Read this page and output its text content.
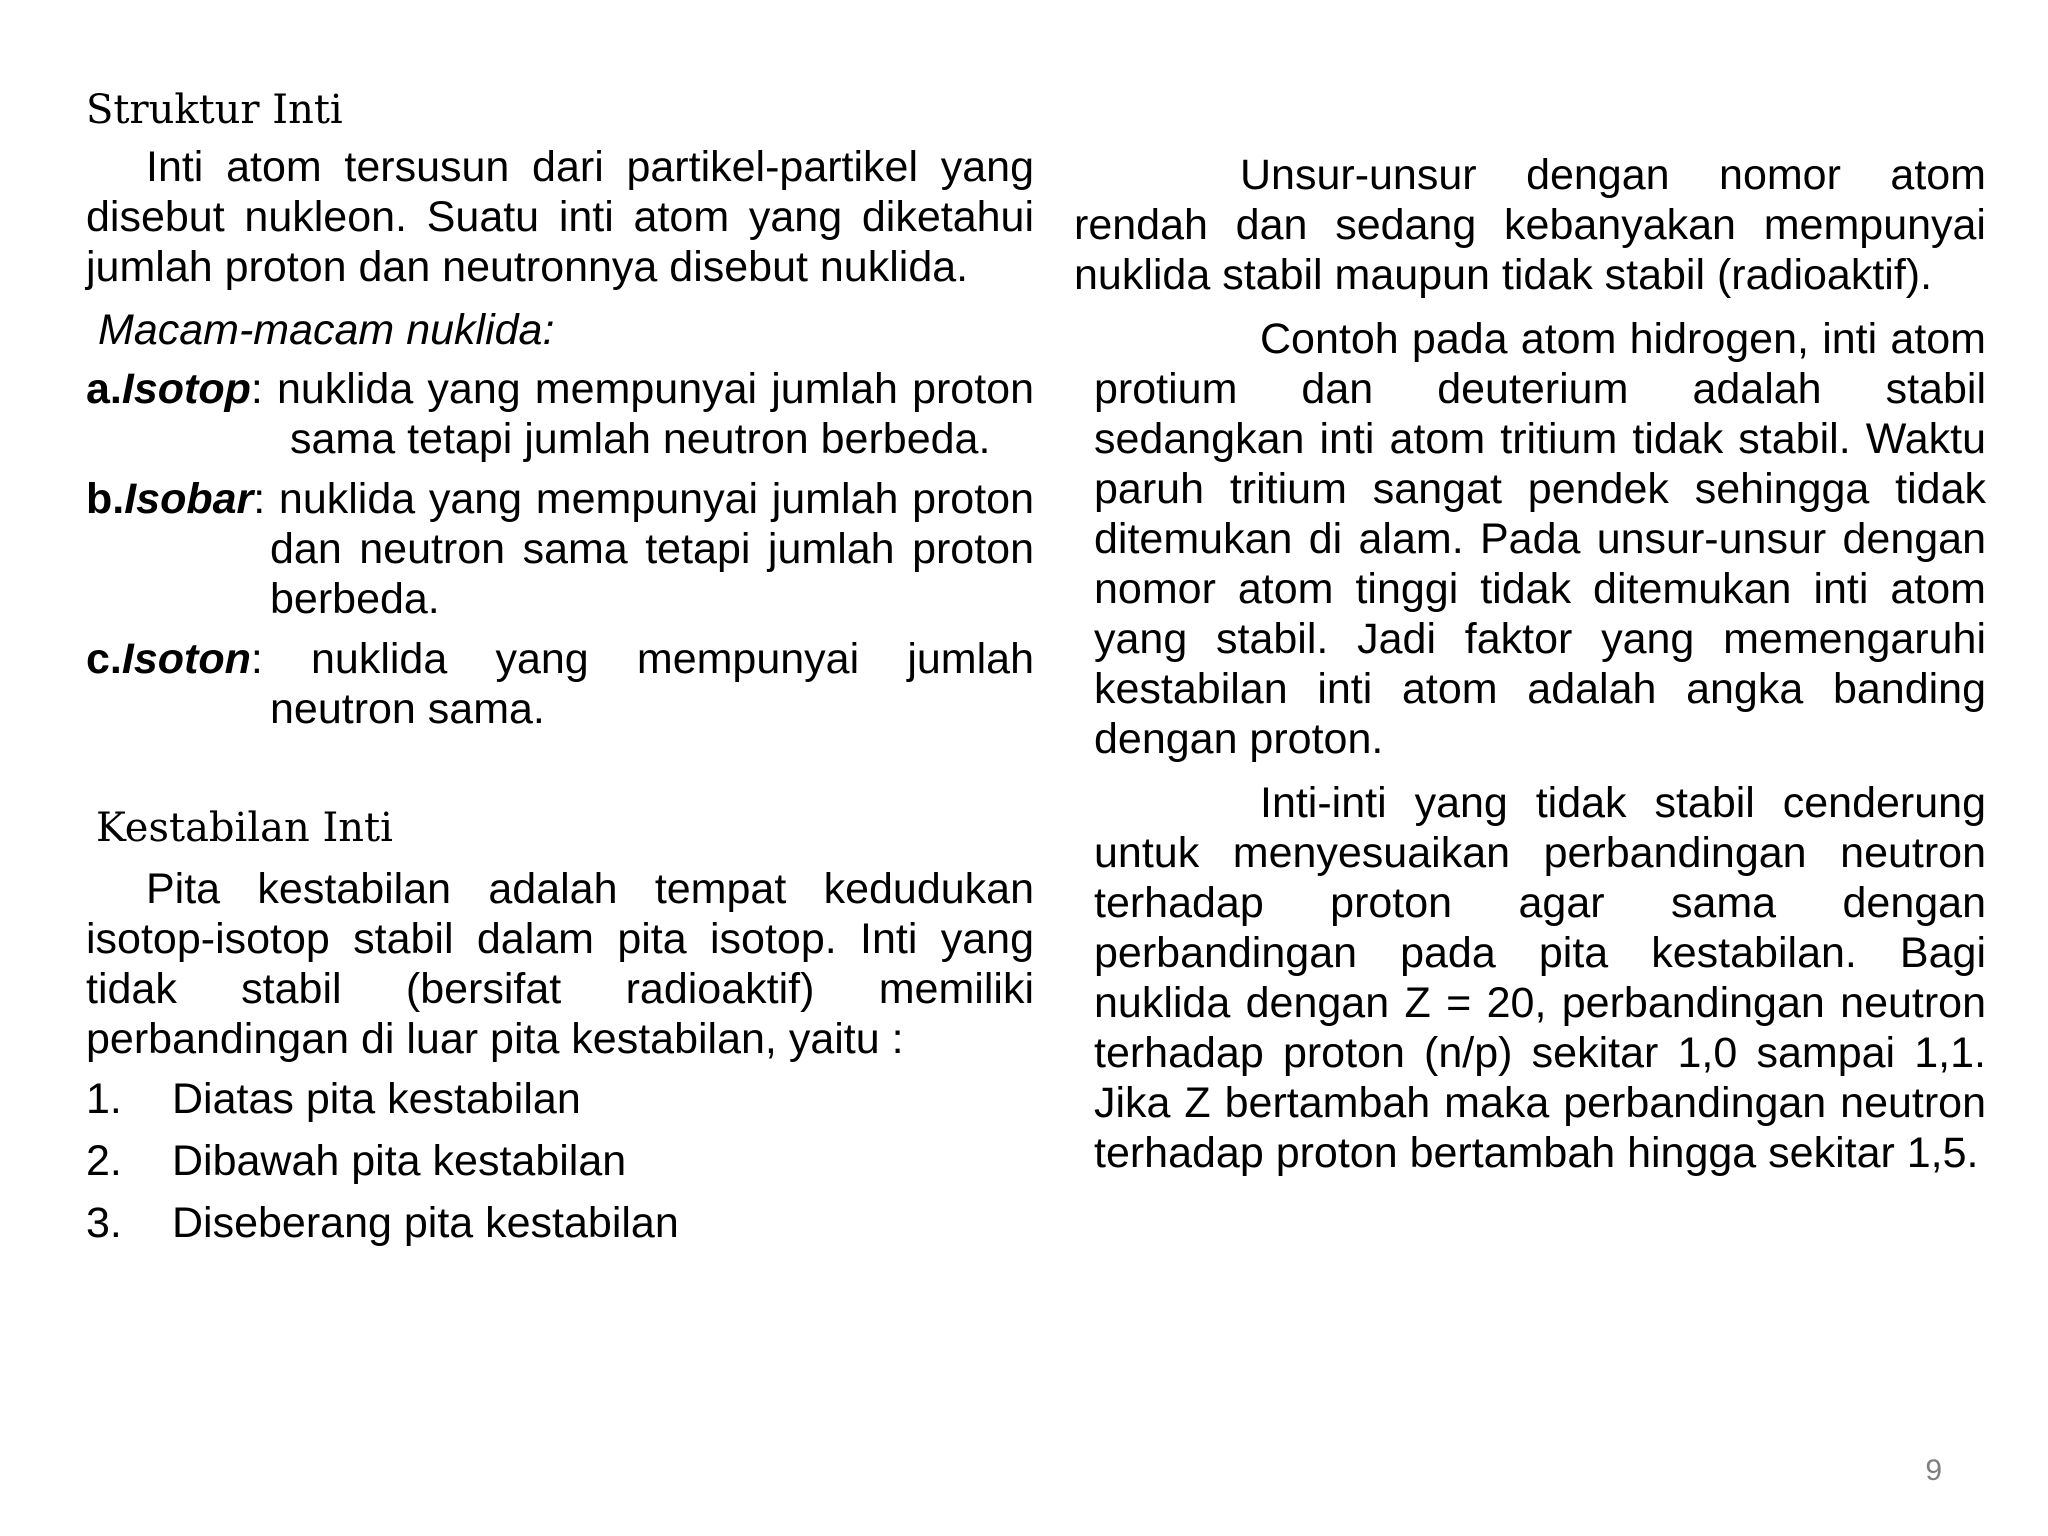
Struktur Inti

Inti atom tersusun dari partikel-partikel yang disebut nukleon. Suatu inti atom yang diketahui jumlah proton dan neutronnya disebut nuklida.

Macam-macam nuklida:

a.Isotop: nuklida yang mempunyai jumlah proton sama tetapi jumlah neutron berbeda.

b.Isobar: nuklida yang mempunyai jumlah proton dan neutron sama tetapi jumlah proton berbeda.

c.Isoton: nuklida yang mempunyai jumlah neutron sama.

Kestabilan Inti

Pita kestabilan adalah tempat kedudukan isotop-isotop stabil dalam pita isotop. Inti yang tidak stabil (bersifat radioaktif) memiliki perbandingan di luar pita kestabilan, yaitu :

1.	Diatas pita kestabilan
2.	Dibawah pita kestabilan
3.	Diseberang pita kestabilan

Unsur-unsur dengan nomor atom rendah dan sedang kebanyakan mempunyai nuklida stabil maupun tidak stabil (radioaktif).

Contoh pada atom hidrogen, inti atom protium dan deuterium adalah stabil sedangkan inti atom tritium tidak stabil. Waktu paruh tritium sangat pendek sehingga tidak ditemukan di alam. Pada unsur-unsur dengan nomor atom tinggi tidak ditemukan inti atom yang stabil. Jadi faktor yang memengaruhi kestabilan inti atom adalah angka banding dengan proton.

Inti-inti yang tidak stabil cenderung untuk menyesuaikan perbandingan neutron terhadap proton agar sama dengan perbandingan pada pita kestabilan. Bagi nuklida dengan Z = 20, perbandingan neutron terhadap proton (n/p) sekitar 1,0 sampai 1,1. Jika Z bertambah maka perbandingan neutron terhadap proton bertambah hingga sekitar 1,5.

9
